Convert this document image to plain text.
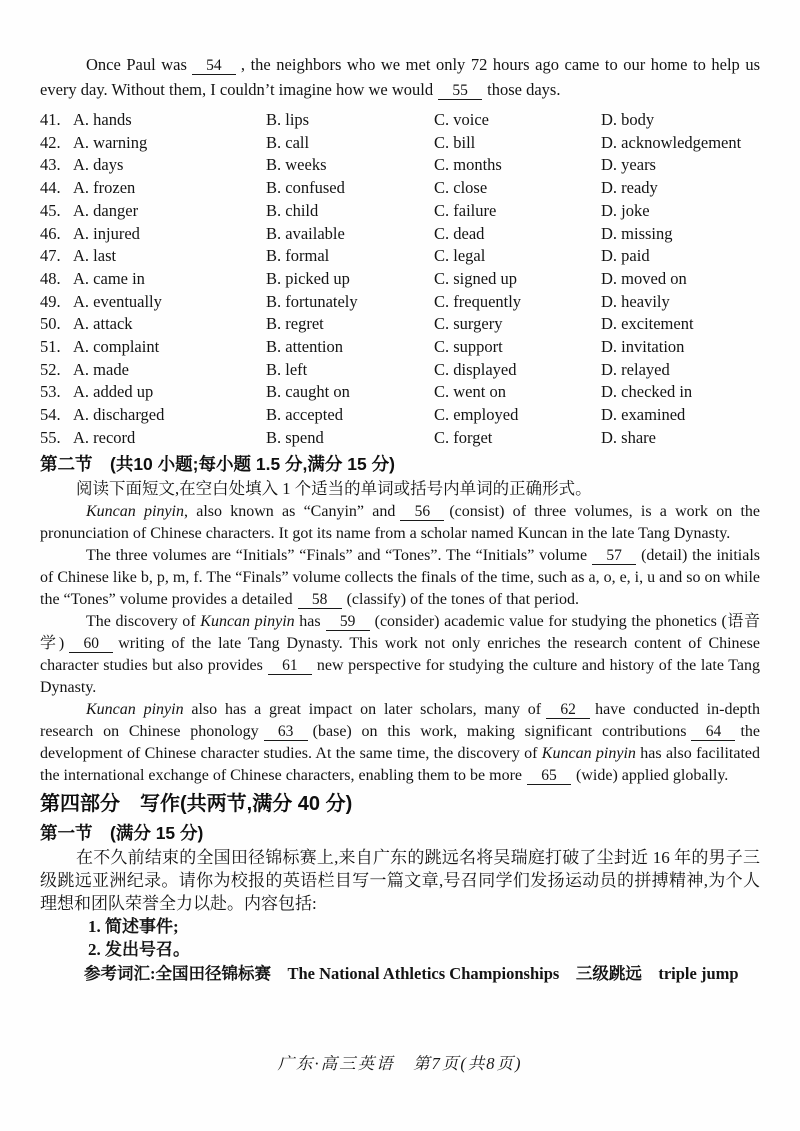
Once Paul was 54 , the neighbors who we met only 72 hours ago came to our home to help us every day. Without them, I couldn’t imagine how we would 55 those days.

41. A. hands	B. lips	C. voice	D. body
42. A. warning	B. call	C. bill	D. acknowledgement
43. A. days	B. weeks	C. months	D. years
44. A. frozen	B. confused	C. close	D. ready
45. A. danger	B. child	C. failure	D. joke
46. A. injured	B. available	C. dead	D. missing
47. A. last	B. formal	C. legal	D. paid
48. A. came in	B. picked up	C. signed up	D. moved on
49. A. eventually	B. fortunately	C. frequently	D. heavily
50. A. attack	B. regret	C. surgery	D. excitement
51. A. complaint	B. attention	C. support	D. invitation
52. A. made	B. left	C. displayed	D. relayed
53. A. added up	B. caught on	C. went on	D. checked in
54. A. discharged	B. accepted	C. employed	D. examined
55. A. record	B. spend	C. forget	D. share
第二节　(共10 小题;每小题 1.5 分,满分 15 分)

阅读下面短文,在空白处填入 1 个适当的单词或括号内单词的正确形式。

Kuncan pinyin, also known as “Canyin” and 56 (consist) of three volumes, is a work on the pronunciation of Chinese characters. It got its name from a scholar named Kuncan in the late Tang Dynasty.

The three volumes are “Initials” “Finals” and “Tones”. The “Initials” volume 57 (detail) the initials of Chinese like b, p, m, f. The “Finals” volume collects the finals of the time, such as a, o, e, i, u and so on while the “Tones” volume provides a detailed 58 (classify) of the tones of that period.

The discovery of Kuncan pinyin has 59 (consider) academic value for studying the phonetics (语音学) 60 writing of the late Tang Dynasty. This work not only enriches the research content of Chinese character studies but also provides 61 new perspective for studying the culture and history of the late Tang Dynasty.

Kuncan pinyin also has a great impact on later scholars, many of 62 have conducted in-depth research on Chinese phonology 63 (base) on this work, making significant contributions 64 the development of Chinese character studies. At the same time, the discovery of Kuncan pinyin has also facilitated the international exchange of Chinese characters, enabling them to be more 65 (wide) applied globally.

第四部分　写作(共两节,满分 40 分)
第一节　(满分 15 分)

在不久前结束的全国田径锦标赛上,来自广东的跳远名将吴瑞庭打破了尘封近 16 年的男子三级跳远亚洲纪录。请你为校报的英语栏目写一篇文章,号召同学们发扬运动员的拼搏精神,为个人理想和团队荣誉全力以赴。内容包括:

1. 简述事件;

2. 发出号召。

参考词汇:全国田径锦标赛　The National Athletics Championships　三级跳远　triple jump

广东·高三英语　第7页(共8页)
